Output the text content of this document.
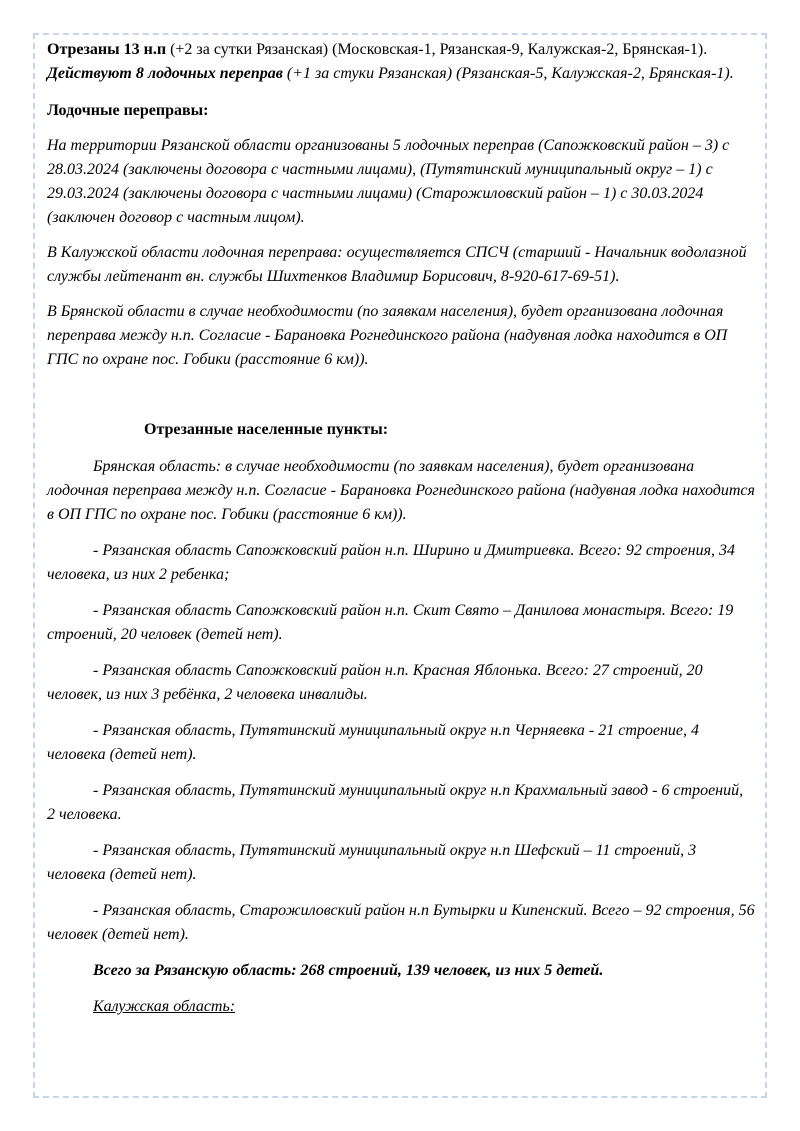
Отрезаны 13 н.п (+2 за сутки Рязанская) (Московская-1, Рязанская-9, Калужская-2, Брянская-1). Действуют 8 лодочных переправ (+1 за стуки Рязанская) (Рязанская-5, Калужская-2, Брянская-1).

Лодочные переправы:

На территории Рязанской области организованы 5 лодочных переправ (Сапожковский район – 3) с 28.03.2024 (заключены договора с частными лицами), (Путятинский муниципальный округ – 1) с 29.03.2024 (заключены договора с частными лицами) (Старожиловский район – 1) с 30.03.2024 (заключен договор с частным лицом).

В Калужской области лодочная переправа: осуществляется СПСЧ (старший - Начальник водолазной службы лейтенант вн. службы Шихтенков Владимир Борисович, 8-920-617-69-51).

В Брянской области в случае необходимости (по заявкам населения), будет организована лодочная переправа между н.п. Согласие - Барановка Рогнединского района (надувная лодка находится в ОП ГПС по охране пос. Гобики (расстояние 6 км)).

Отрезанные населенные пункты:

Брянская область: в случае необходимости (по заявкам населения), будет организована лодочная переправа между н.п. Согласие - Барановка Рогнединского района (надувная лодка находится в ОП ГПС по охране пос. Гобики (расстояние 6 км)).

- Рязанская область Сапожковский район н.п. Ширино и Дмитриевка. Всего: 92 строения, 34 человека, из них 2 ребенка;

- Рязанская область Сапожковский район н.п. Скит Свято – Данилова монастыря. Всего: 19 строений, 20 человек (детей нет).

- Рязанская область Сапожковский район н.п. Красная Яблонька. Всего: 27 строений, 20 человек, из них 3 ребёнка, 2 человека инвалиды.

- Рязанская область, Путятинский муниципальный округ н.п Черняевка - 21 строение, 4 человека (детей нет).

- Рязанская область, Путятинский муниципальный округ н.п Крахмальный завод - 6 строений, 2 человека.

- Рязанская область, Путятинский муниципальный округ н.п Шефский – 11 строений, 3 человека (детей нет).

- Рязанская область, Старожиловский район н.п Бутырки и Кипенский. Всего – 92 строения, 56 человек (детей нет).

Всего за Рязанскую область: 268 строений, 139 человек, из них 5 детей.

Калужская область:
